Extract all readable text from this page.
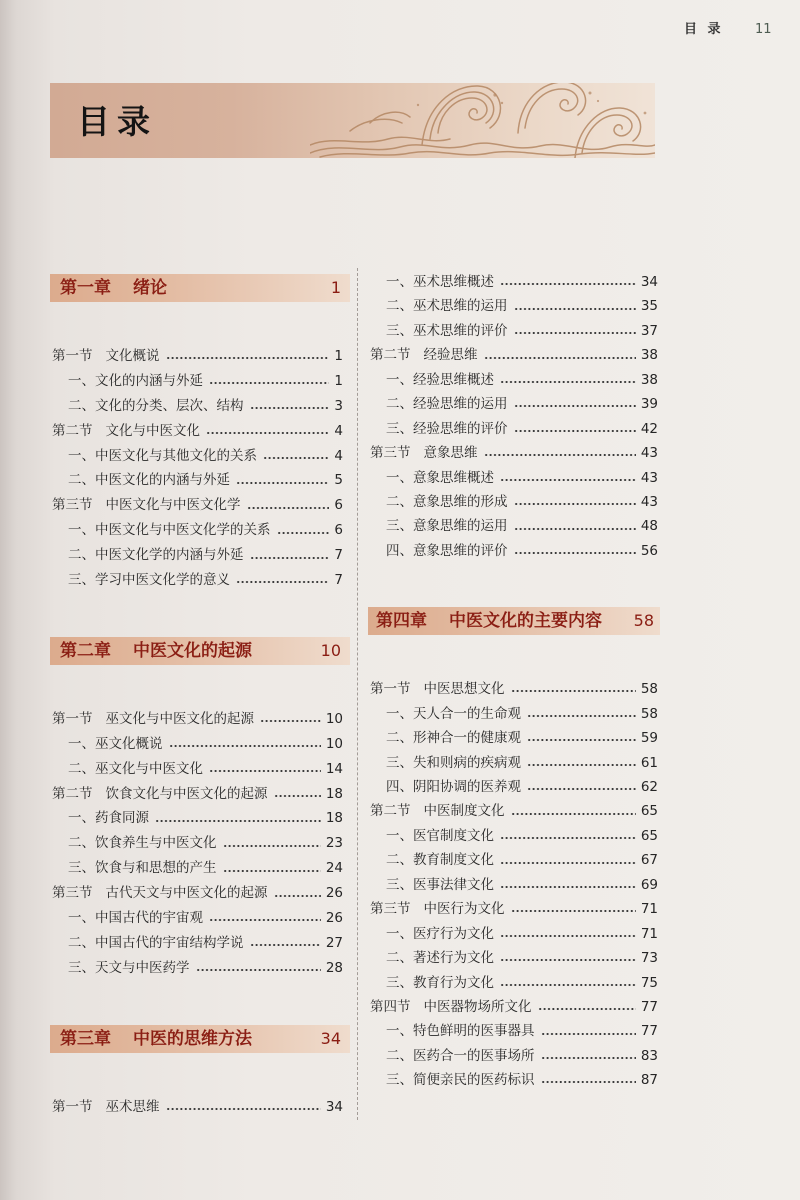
目 录 11
目录
第一章 绪论	1
第一节 文化概说	1
一、文化的内涵与外延	1
二、文化的分类、层次、结构	3
第二节 文化与中医文化	4
一、中医文化与其他文化的关系	4
二、中医文化的内涵与外延	5
第三节 中医文化与中医文化学	6
一、中医文化与中医文化学的关系	6
二、中医文化学的内涵与外延	7
三、学习中医文化学的意义	7
第二章 中医文化的起源	10
第一节 巫文化与中医文化的起源	10
一、巫文化概说	10
二、巫文化与中医文化	14
第二节 饮食文化与中医文化的起源	18
一、药食同源	18
二、饮食养生与中医文化	23
三、饮食与和思想的产生	24
第三节 古代天文与中医文化的起源	26
一、中国古代的宇宙观	26
二、中国古代的宇宙结构学说	27
三、天文与中医药学	28
第三章 中医的思维方法	34
第一节 巫术思维	34
一、巫术思维概述	34
二、巫术思维的运用	35
三、巫术思维的评价	37
第二节 经验思维	38
一、经验思维概述	38
二、经验思维的运用	39
三、经验思维的评价	42
第三节 意象思维	43
一、意象思维概述	43
二、意象思维的形成	43
三、意象思维的运用	48
四、意象思维的评价	56
第四章 中医文化的主要内容 58
第一节 中医思想文化	58
一、天人合一的生命观	58
二、形神合一的健康观	59
三、失和则病的疾病观	61
四、阴阳协调的医养观	62
第二节 中医制度文化	65
一、医官制度文化	65
二、教育制度文化	67
三、医事法律文化	69
第三节 中医行为文化	71
一、医疗行为文化	71
二、著述行为文化	73
三、教育行为文化	75
第四节 中医器物场所文化	77
一、特色鲜明的医事器具	77
二、医药合一的医事场所	83
三、简便亲民的医药标识	87
